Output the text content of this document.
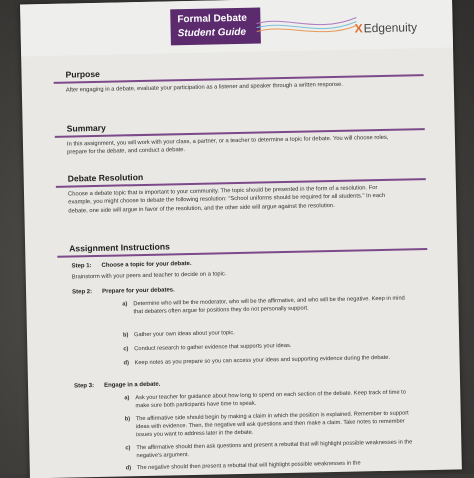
Formal Debate
Student Guide	XEdgenuity
Purpose
After engaging in a debate, evaluate your participation as a listener and speaker through a written response.
Summary
In this assignment, you will work with your class, a partner, or a teacher to determine a topic for debate. You will choose roles, prepare for the debate, and conduct a debate.
Debate Resolution
Choose a debate topic that is important to your community. The topic should be presented in the form of a resolution. For example, you might choose to debate the following resolution: "School uniforms should be required for all students." In each debate, one side will argue in favor of the resolution, and the other side will argue against the resolution.
Assignment Instructions
Step 1: Choose a topic for your debate.
Brainstorm with your peers and teacher to decide on a topic.
Step 2: Prepare for your debates.
a) Determine who will be the moderator, who will be the affirmative, and who will be the negative. Keep in mind that debaters often argue for positions they do not personally support.
b) Gather your own ideas about your topic.
c) Conduct research to gather evidence that supports your ideas.
d) Keep notes as you prepare so you can access your ideas and supporting evidence during the debate.
Step 3: Engage in a debate.
a) Ask your teacher for guidance about how long to spend on each section of the debate. Keep track of time to make sure both participants have time to speak.
b) The affirmative side should begin by making a claim in which the position is explained. Remember to support ideas with evidence. Then, the negative will ask questions and then make a claim. Take notes to remember issues you want to address later in the debate.
c) The affirmative should then ask questions and present a rebuttal that will highlight possible weaknesses in the negative's argument.
d) The negative should then present a rebuttal that will highlight possible weaknesses in the
